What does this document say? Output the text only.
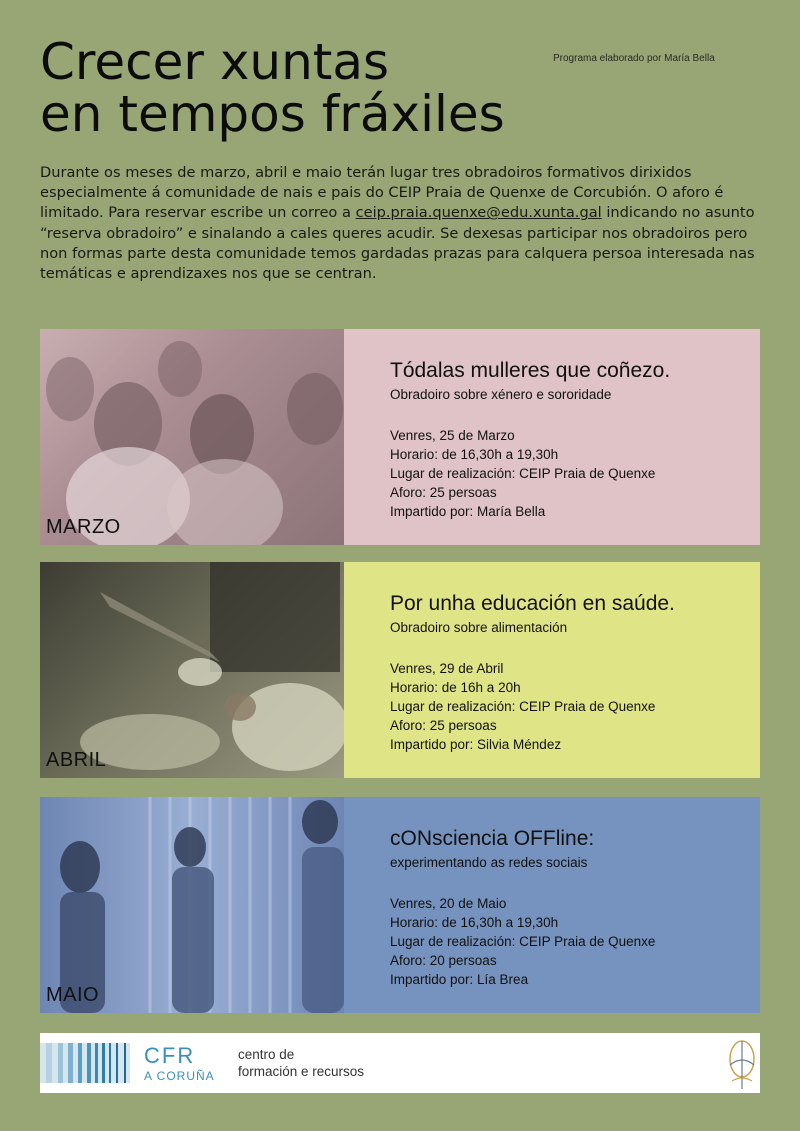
Programa elaborado por María Bella
Crecer xuntas
en tempos fráxiles

Durante os meses de marzo, abril e maio terán lugar tres obradoiros formativos dirixidos especialmente á comunidade de nais e pais do CEIP Praia de Quenxe de Corcubión. O aforo é limitado. Para reservar escribe un correo a ceip.praia.quenxe@edu.xunta.gal indicando no asunto “reserva obradoiro” e sinalando a cales queres acudir. Se dexesas participar nos obradoiros pero non formas parte desta comunidade temos gardadas prazas para calquera persoa interesada nas temáticas e aprendizaxes nos que se centran.

MARZO
Tódalas mulleres que coñezo.
Obradoiro sobre xénero e sororidade
Venres, 25 de Marzo
Horario: de 16,30h a 19,30h
Lugar de realización: CEIP Praia de Quenxe
Aforo: 25 persoas
Impartido por: María Bella
ABRIL
Por unha educación en saúde.
Obradoiro sobre alimentación
Venres, 29 de Abril
Horario: de 16h a 20h
Lugar de realización: CEIP Praia de Quenxe
Aforo: 25 persoas
Impartido por: Silvia Méndez
MAIO
cONsciencia OFFline:
experimentando as redes sociais
Venres, 20 de Maio
Horario: de 16,30h a 19,30h
Lugar de realización: CEIP Praia de Quenxe
Aforo: 20 persoas
Impartido por: Lía Brea
CFR
A CORUÑA
centro de
formación e recursos
